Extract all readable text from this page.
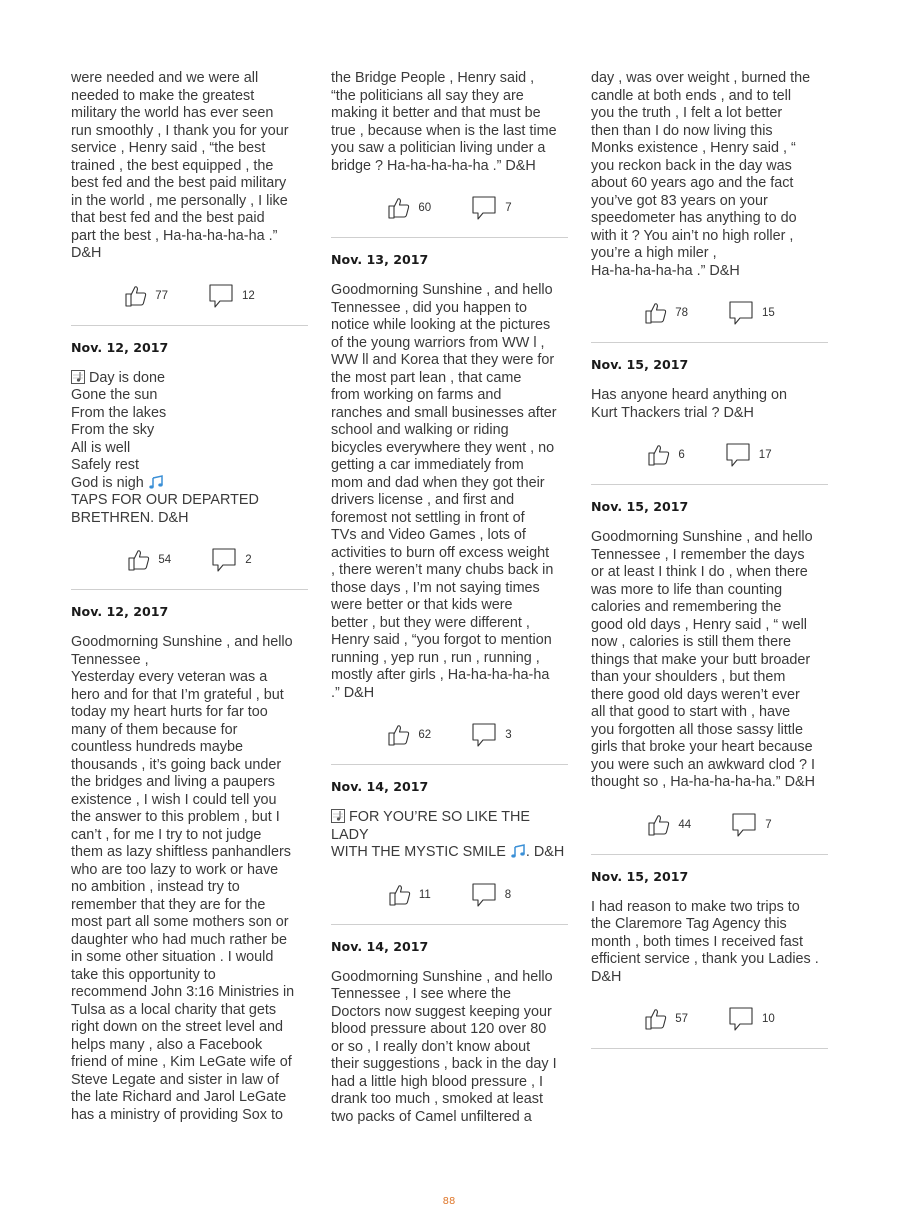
were needed and we were all
needed to make the greatest
military the world has ever seen
run smoothly , I thank you for your
service , Henry said , “the best
trained , the best equipped , the
best fed and the best paid military
in the world , me personally , I like
that best fed and the best paid
part the best , Ha-ha-ha-ha-ha .”
D&H

77	12

Nov. 12, 2017

Day is done
Gone the sun
From the lakes
From the sky
All is well
Safely rest
God is nigh
TAPS FOR OUR DEPARTED
BRETHREN. D&H

54	2

Nov. 12, 2017

Goodmorning Sunshine , and hello
Tennessee ,
Yesterday every veteran was a
hero and for that I’m grateful , but
today my heart hurts for far too
many of them because for
countless hundreds maybe
thousands , it’s going back under
the bridges and living a paupers
existence , I wish I could tell you
the answer to this problem , but I
can’t , for me I try to not judge
them as lazy shiftless panhandlers
who are too lazy to work or have
no ambition , instead try to
remember that they are for the
most part all some mothers son or
daughter who had much rather be
in some other situation . I would
take this opportunity to
recommend John 3:16 Ministries in
Tulsa as a local charity that gets
right down on the street level and
helps many , also a Facebook
friend of mine , Kim LeGate wife of
Steve Legate and sister in law of
the late Richard and Jarol LeGate
has a ministry of providing Sox to

the Bridge People , Henry said ,
“the politicians all say they are
making it better and that must be
true , because when is the last time
you saw a politician living under a
bridge ? Ha-ha-ha-ha-ha .” D&H

60	7

Nov. 13, 2017

Goodmorning Sunshine , and hello
Tennessee , did you happen to
notice while looking at the pictures
of the young warriors from WW l ,
WW ll and Korea that they were for
the most part lean , that came
from working on farms and
ranches and small businesses after
school and walking or riding
bicycles everywhere they went , no
getting a car immediately from
mom and dad when they got their
drivers license , and first and
foremost not settling in front of
TVs and Video Games , lots of
activities to burn off excess weight
, there weren’t many chubs back in
those days , I’m not saying times
were better or that kids were
better , but they were different ,
Henry said , “you forgot to mention
running , yep run , run , running ,
mostly after girls , Ha-ha-ha-ha-ha
.” D&H

62	3

Nov. 14, 2017

FOR YOU’RE SO LIKE THE LADY
WITH THE MYSTIC SMILE . D&H

11	8

Nov. 14, 2017

Goodmorning Sunshine , and hello
Tennessee , I see where the
Doctors now suggest keeping your
blood pressure about 120 over 80
or so , I really don’t know about
their suggestions , back in the day I
had a little high blood pressure , I
drank too much , smoked at least
two packs of Camel unfiltered a

day , was over weight , burned the
candle at both ends , and to tell
you the truth , I felt a lot better
then than I do now living this
Monks existence , Henry said , “
you reckon back in the day was
about 60 years ago and the fact
you’ve got 83 years on your
speedometer has anything to do
with it ? You ain’t no high roller ,
you’re a high miler ,
Ha-ha-ha-ha-ha .” D&H

78	15

Nov. 15, 2017

Has anyone heard anything on
Kurt Thackers trial ? D&H

6	17

Nov. 15, 2017

Goodmorning Sunshine , and hello
Tennessee , I remember the days
or at least I think I do , when there
was more to life than counting
calories and remembering the
good old days , Henry said , “ well
now , calories is still them there
things that make your butt broader
than your shoulders , but them
there good old days weren’t ever
all that good to start with , have
you forgotten all those sassy little
girls that broke your heart because
you were such an awkward clod ? I
thought so , Ha-ha-ha-ha-ha.” D&H

44	7

Nov. 15, 2017

I had reason to make two trips to
the Claremore Tag Agency this
month , both times I received fast
efficient service , thank you Ladies .
D&H

57	10
88
